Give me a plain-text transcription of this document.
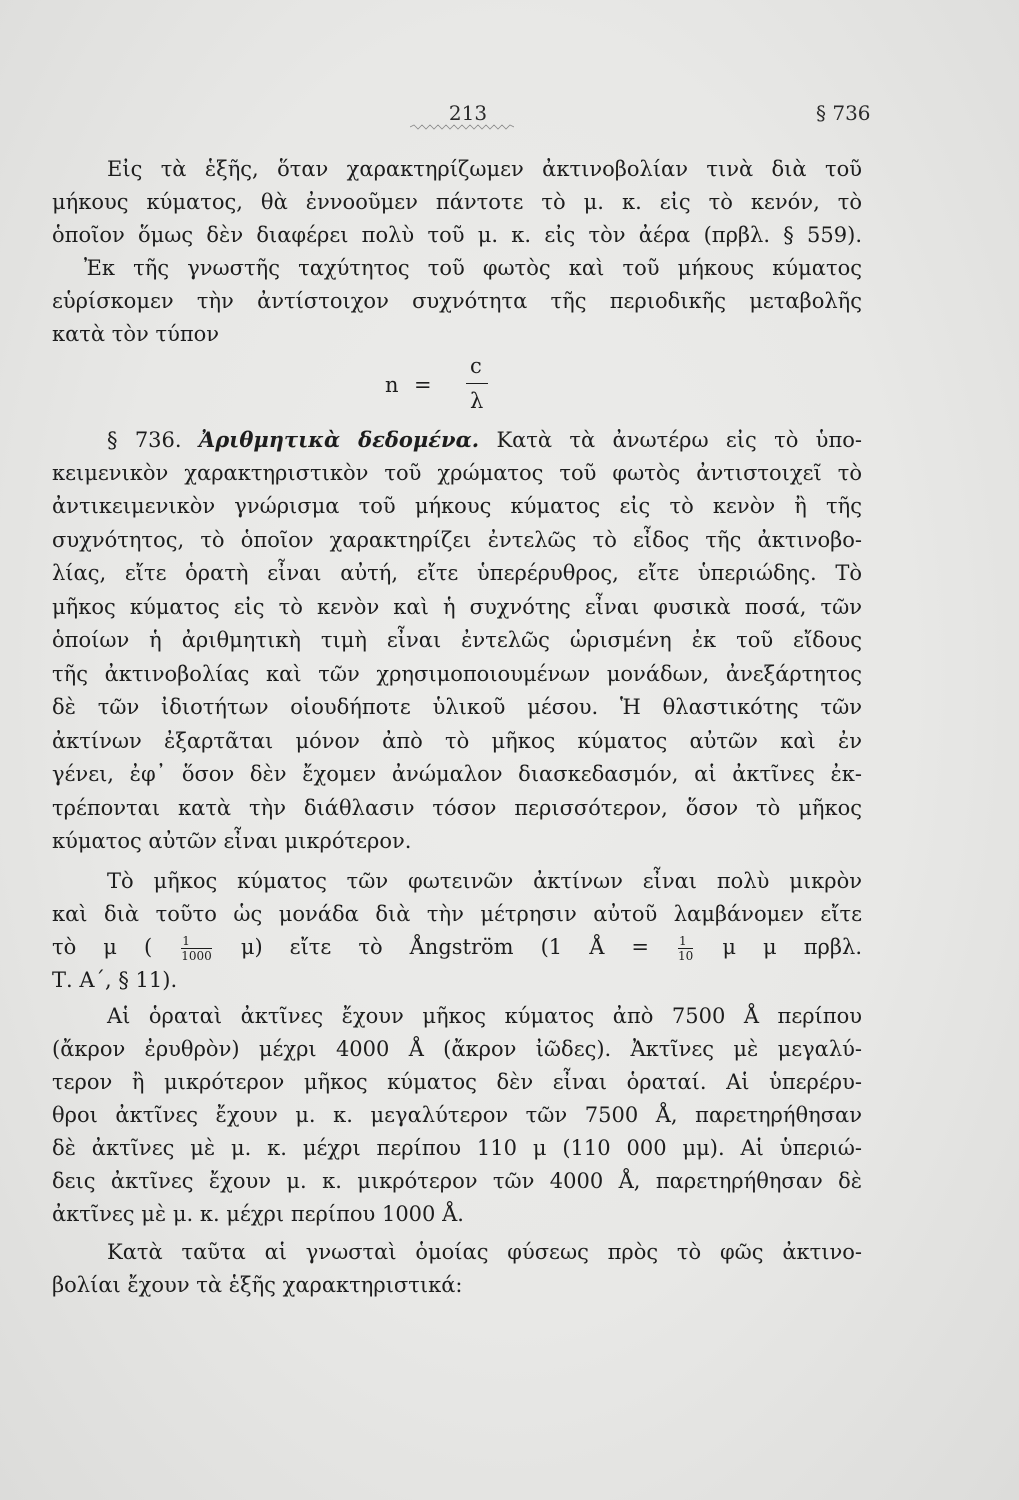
213	§ 736
Εἰς τὰ ἑξῆς, ὅταν χαρακτηρίζωμεν ἀκτινοβολίαν τινὰ διὰ τοῦ
μήκους κύματος, θὰ ἐννοοῦμεν πάντοτε τὸ μ. κ. εἰς τὸ κενόν, τὸ
ὁποῖον ὅμως δὲν διαφέρει πολὺ τοῦ μ. κ. εἰς τὸν ἀέρα (πρβλ. § 559).
Ἐκ τῆς γνωστῆς ταχύτητος τοῦ φωτὸς καὶ τοῦ μήκους κύματος
εὑρίσκομεν τὴν ἀντίστοιχον συχνότητα τῆς περιοδικῆς μεταβολῆς
κατὰ τὸν τύπον
n =
c
λ
§ 736. Ἀριθμητικὰ δεδομένα. Κατὰ τὰ ἀνωτέρω εἰς τὸ ὑπο-
κειμενικὸν χαρακτηριστικὸν τοῦ χρώματος τοῦ φωτὸς ἀντιστοιχεῖ τὸ
ἀντικειμενικὸν γνώρισμα τοῦ μήκους κύματος εἰς τὸ κενὸν ἢ τῆς
συχνότητος, τὸ ὁποῖον χαρακτηρίζει ἐντελῶς τὸ εἶδος τῆς ἀκτινοβο-
λίας, εἴτε ὁρατὴ εἶναι αὐτή, εἴτε ὑπερέρυθρος, εἴτε ὑπεριώδης. Τὸ
μῆκος κύματος εἰς τὸ κενὸν καὶ ἡ συχνότης εἶναι φυσικὰ ποσά, τῶν
ὁποίων ἡ ἀριθμητικὴ τιμὴ εἶναι ἐντελῶς ὡρισμένη ἐκ τοῦ εἴδους
τῆς ἀκτινοβολίας καὶ τῶν χρησιμοποιουμένων μονάδων, ἀνεξάρτητος
δὲ τῶν ἰδιοτήτων οἱουδήποτε ὑλικοῦ μέσου. Ἡ θλαστικότης τῶν
ἀκτίνων ἐξαρτᾶται μόνον ἀπὸ τὸ μῆκος κύματος αὐτῶν καὶ ἐν
γένει, ἐφ᾽ ὅσον δὲν ἔχομεν ἀνώμαλον διασκεδασμόν, αἱ ἀκτῖνες ἐκ-
τρέπονται κατὰ τὴν διάθλασιν τόσον περισσότερον, ὅσον τὸ μῆκος
κύματος αὐτῶν εἶναι μικρότερον.
Τὸ μῆκος κύματος τῶν φωτεινῶν ἀκτίνων εἶναι πολὺ μικρὸν
καὶ διὰ τοῦτο ὡς μονάδα διὰ τὴν μέτρησιν αὐτοῦ λαμβάνομεν εἴτε
τὸ μ ( $\frac{1}{1000} \mu$) εἴτε τὸ Ångström (1 Å = $\frac{1}{10}$ μ μ πρβλ.
Τ. Α΄, § 11).
Αἱ ὁραταὶ ἀκτῖνες ἔχουν μῆκος κύματος ἀπὸ 7500 Å περίπου
(ἄκρον ἐρυθρὸν) μέχρι 4000 Å (ἄκρον ἰῶδες). Ἀκτῖνες μὲ μεγαλύ-
τερον ἢ μικρότερον μῆκος κύματος δὲν εἶναι ὁραταί. Αἱ ὑπερέρυ-
θροι ἀκτῖνες ἔχουν μ. κ. μεγαλύτερον τῶν 7500 Å, παρετηρήθησαν
δὲ ἀκτῖνες μὲ μ. κ. μέχρι περίπου 110 μ (110 000 μμ). Αἱ ὑπεριώ-
δεις ἀκτῖνες ἔχουν μ. κ. μικρότερον τῶν 4000 Å, παρετηρήθησαν δὲ
ἀκτῖνες μὲ μ. κ. μέχρι περίπου 1000 Å.
Κατὰ ταῦτα αἱ γνωσταὶ ὁμοίας φύσεως πρὸς τὸ φῶς ἀκτινο-
βολίαι ἔχουν τὰ ἑξῆς χαρακτηριστικά:
